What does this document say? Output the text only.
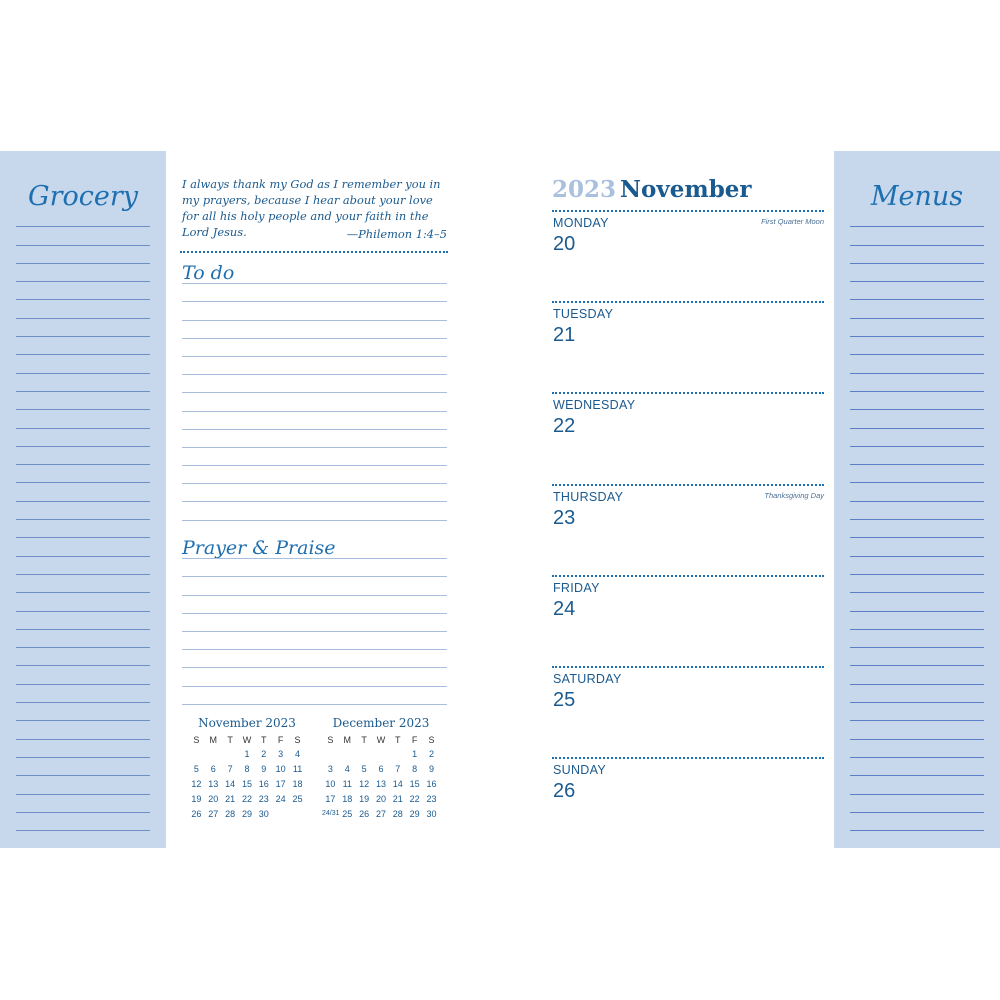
Grocery	Menus
I always thank my God as I remember you in my prayers, because I hear about your love for all his holy people and your faith in the Lord Jesus.	—Philemon 1:4–5
To do
Prayer & Praise
November 2023
S	M	T	W	T	F	S
			1	2	3	4
5	6	7	8	9	10	11
12	13	14	15	16	17	18
19	20	21	22	23	24	25
26	27	28	29	30		
December 2023
S	M	T	W	T	F	S
					1	2
3	4	5	6	7	8	9
10	11	12	13	14	15	16
17	18	19	20	21	22	23
24/31	25	26	27	28	29	30
2023 November
MONDAY
20
First Quarter Moon
TUESDAY
21
WEDNESDAY
22
THURSDAY
23
Thanksgiving Day
FRIDAY
24
SATURDAY
25
SUNDAY
26
